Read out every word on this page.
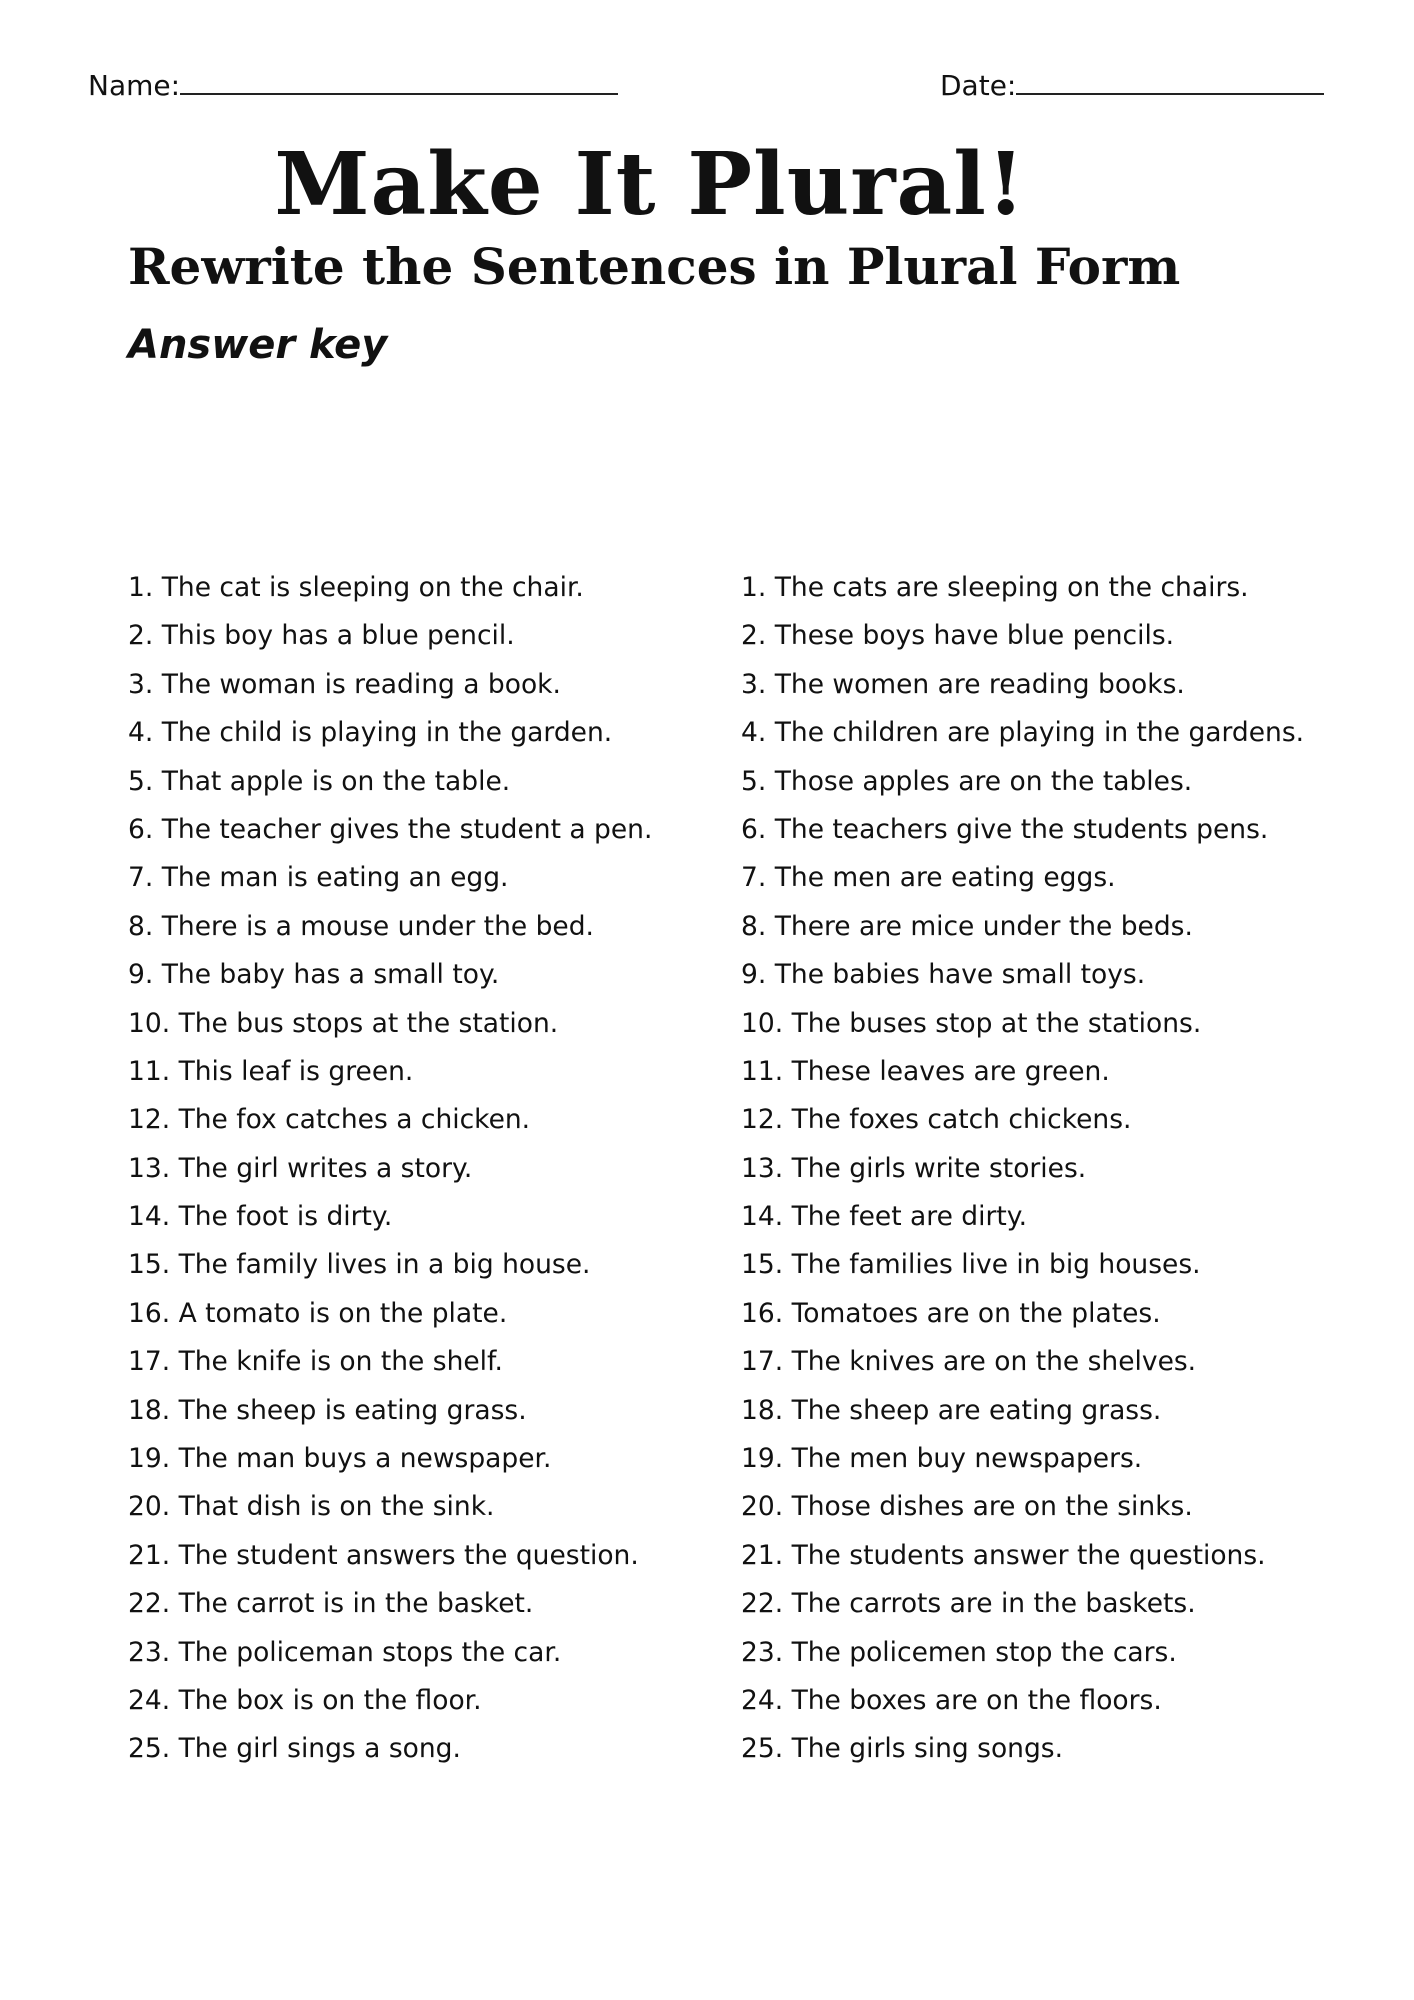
Name:	Date:
Make It Plural!
Rewrite the Sentences in Plural Form
Answer key
1. The cat is sleeping on the chair.
2. This boy has a blue pencil.
3. The woman is reading a book.
4. The child is playing in the garden.
5. That apple is on the table.
6. The teacher gives the student a pen.
7. The man is eating an egg.
8. There is a mouse under the bed.
9. The baby has a small toy.
10. The bus stops at the station.
11. This leaf is green.
12. The fox catches a chicken.
13. The girl writes a story.
14. The foot is dirty.
15. The family lives in a big house.
16. A tomato is on the plate.
17. The knife is on the shelf.
18. The sheep is eating grass.
19. The man buys a newspaper.
20. That dish is on the sink.
21. The student answers the question.
22. The carrot is in the basket.
23. The policeman stops the car.
24. The box is on the floor.
25. The girl sings a song.
1. The cats are sleeping on the chairs.
2. These boys have blue pencils.
3. The women are reading books.
4. The children are playing in the gardens.
5. Those apples are on the tables.
6. The teachers give the students pens.
7. The men are eating eggs.
8. There are mice under the beds.
9. The babies have small toys.
10. The buses stop at the stations.
11. These leaves are green.
12. The foxes catch chickens.
13. The girls write stories.
14. The feet are dirty.
15. The families live in big houses.
16. Tomatoes are on the plates.
17. The knives are on the shelves.
18. The sheep are eating grass.
19. The men buy newspapers.
20. Those dishes are on the sinks.
21. The students answer the questions.
22. The carrots are in the baskets.
23. The policemen stop the cars.
24. The boxes are on the floors.
25. The girls sing songs.
